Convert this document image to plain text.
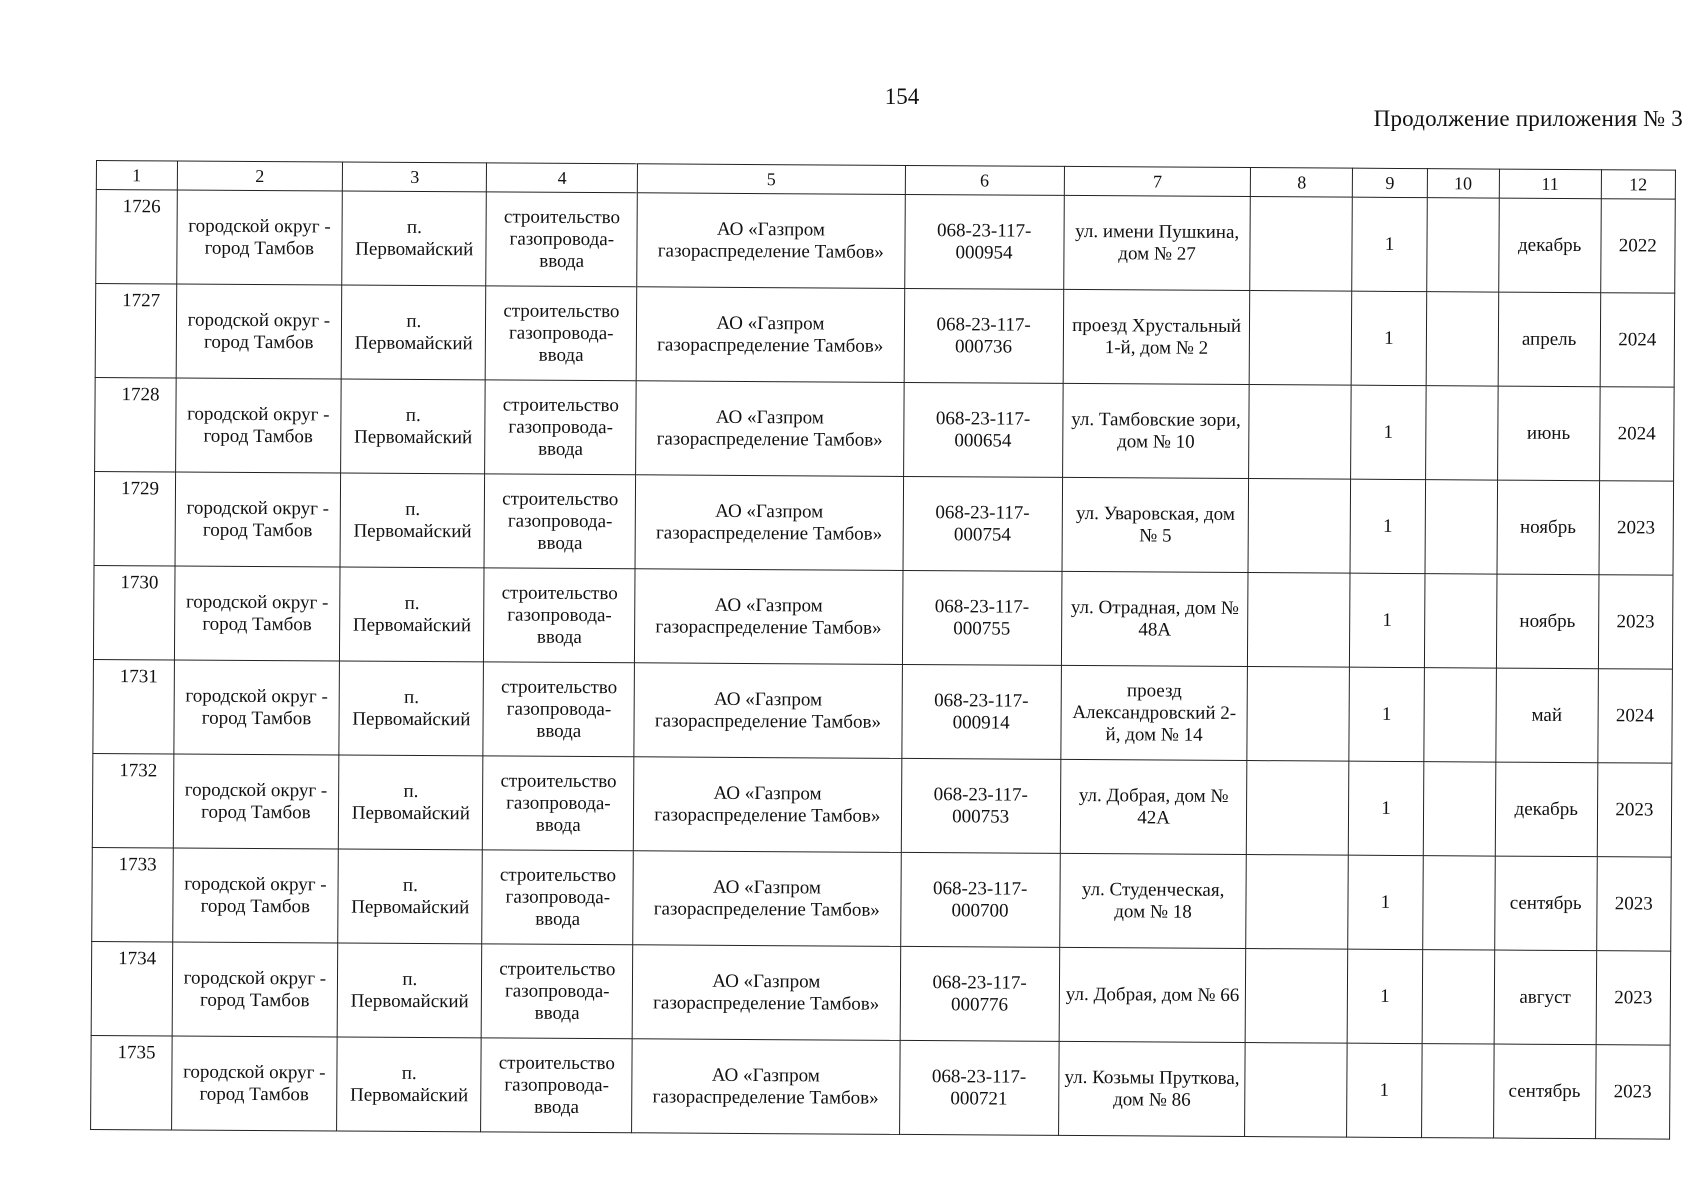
154
Продолжение приложения № 3
1	2	3	4	5	6	7	8	9	10	11	12
1726	городской округ - город Тамбов	п. Первомайский	строительство газопровода-ввода	АО «Газпром газораспределение Тамбов»	068-23-117-000954	ул. имени Пушкина, дом № 27		1		декабрь	2022
1727	городской округ - город Тамбов	п. Первомайский	строительство газопровода-ввода	АО «Газпром газораспределение Тамбов»	068-23-117-000736	проезд Хрустальный 1-й, дом № 2		1		апрель	2024
1728	городской округ - город Тамбов	п. Первомайский	строительство газопровода-ввода	АО «Газпром газораспределение Тамбов»	068-23-117-000654	ул. Тамбовские зори, дом № 10		1		июнь	2024
1729	городской округ - город Тамбов	п. Первомайский	строительство газопровода-ввода	АО «Газпром газораспределение Тамбов»	068-23-117-000754	ул. Уваровская, дом № 5		1		ноябрь	2023
1730	городской округ - город Тамбов	п. Первомайский	строительство газопровода-ввода	АО «Газпром газораспределение Тамбов»	068-23-117-000755	ул. Отрадная, дом № 48А		1		ноябрь	2023
1731	городской округ - город Тамбов	п. Первомайский	строительство газопровода-ввода	АО «Газпром газораспределение Тамбов»	068-23-117-000914	проезд Александровский 2-й, дом № 14		1		май	2024
1732	городской округ - город Тамбов	п. Первомайский	строительство газопровода-ввода	АО «Газпром газораспределение Тамбов»	068-23-117-000753	ул. Добрая, дом № 42А		1		декабрь	2023
1733	городской округ - город Тамбов	п. Первомайский	строительство газопровода-ввода	АО «Газпром газораспределение Тамбов»	068-23-117-000700	ул. Студенческая, дом № 18		1		сентябрь	2023
1734	городской округ - город Тамбов	п. Первомайский	строительство газопровода-ввода	АО «Газпром газораспределение Тамбов»	068-23-117-000776	ул. Добрая, дом № 66		1		август	2023
1735	городской округ - город Тамбов	п. Первомайский	строительство газопровода-ввода	АО «Газпром газораспределение Тамбов»	068-23-117-000721	ул. Козьмы Пруткова, дом № 86		1		сентябрь	2023
